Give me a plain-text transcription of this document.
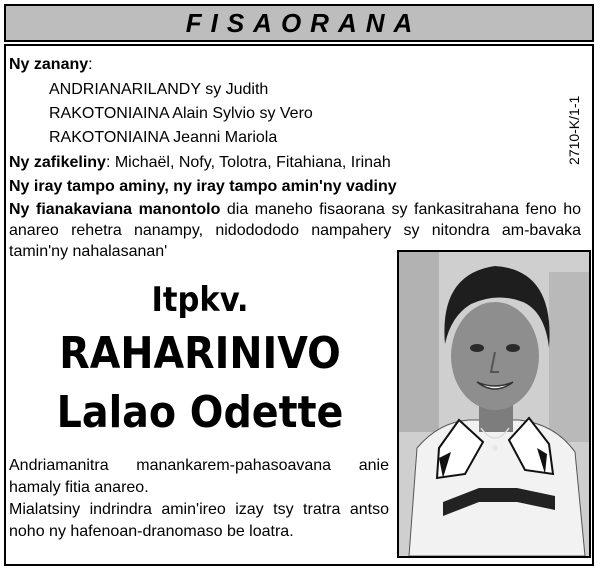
FISAORANA
Ny zanany:
ANDRIANARILANDY sy Judith
RAKOTONIAINA Alain Sylvio sy Vero
RAKOTONIAINA Jeanni Mariola
Ny zafikeliny: Michaël, Nofy, Tolotra, Fitahiana, Irinah
Ny iray tampo aminy, ny iray tampo amin'ny vadiny
Ny fianakaviana manontolo dia maneho fisaorana sy fankasitrahana feno ho anareo rehetra nanampy, nidodododo nampahery sy nitondra am-bavaka tamin'ny nahalasanan'
2710-K/1-1
Itpkv.
RAHARINIVO
Lalao Odette
Andriamanitra manankarem-pahasoavana anie hamaly fitia anareo.
Mialatsiny indrindra amin'ireo izay tsy tratra antso noho ny hafenoan-dranomaso be loatra.
